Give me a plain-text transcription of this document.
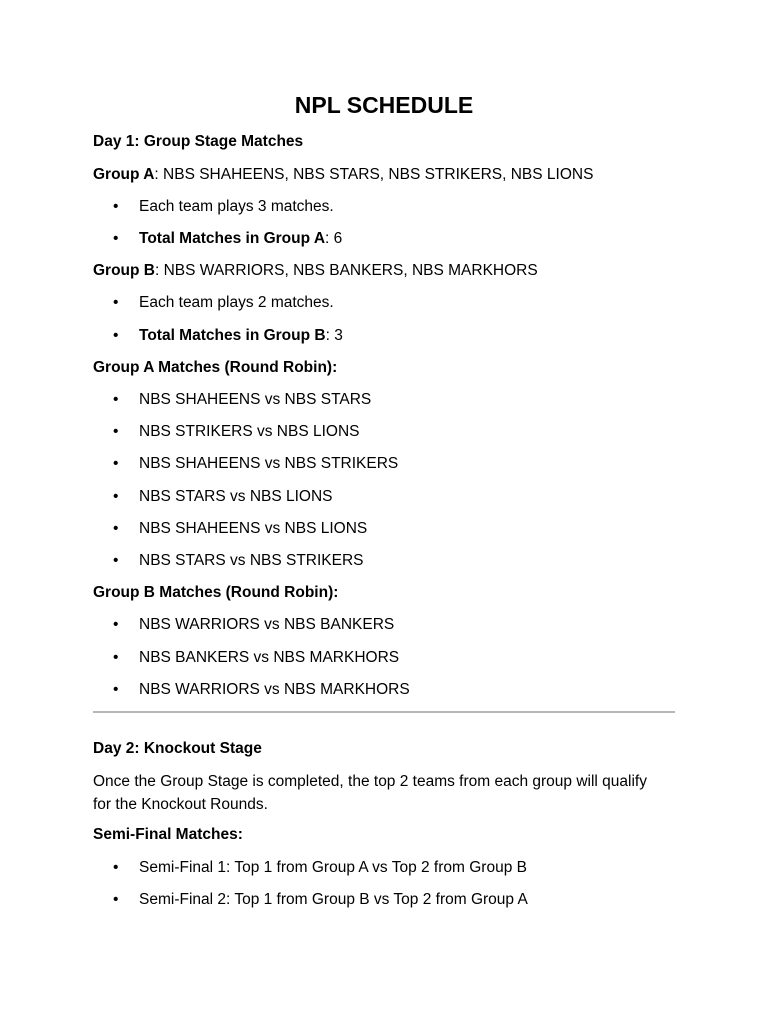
NPL SCHEDULE
Day 1: Group Stage Matches
Group A: NBS SHAHEENS, NBS STARS, NBS STRIKERS, NBS LIONS
• Each team plays 3 matches.
• Total Matches in Group A: 6
Group B: NBS WARRIORS, NBS BANKERS, NBS MARKHORS
• Each team plays 2 matches.
• Total Matches in Group B: 3
Group A Matches (Round Robin):
• NBS SHAHEENS vs NBS STARS
• NBS STRIKERS vs NBS LIONS
• NBS SHAHEENS vs NBS STRIKERS
• NBS STARS vs NBS LIONS
• NBS SHAHEENS vs NBS LIONS
• NBS STARS vs NBS STRIKERS
Group B Matches (Round Robin):
• NBS WARRIORS vs NBS BANKERS
• NBS BANKERS vs NBS MARKHORS
• NBS WARRIORS vs NBS MARKHORS
Day 2: Knockout Stage
Once the Group Stage is completed, the top 2 teams from each group will qualify for the Knockout Rounds.
Semi-Final Matches:
• Semi-Final 1: Top 1 from Group A vs Top 2 from Group B
• Semi-Final 2: Top 1 from Group B vs Top 2 from Group A
